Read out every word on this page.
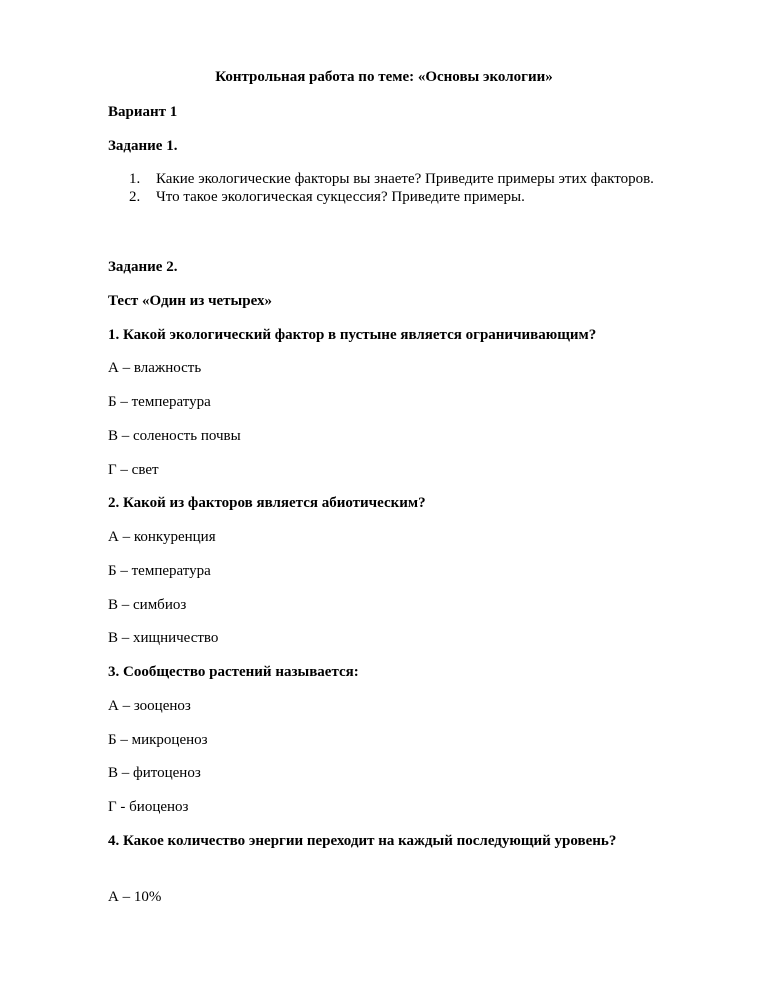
Контрольная работа по теме: «Основы экологии»
Вариант 1
Задание 1.
1. Какие экологические факторы вы знаете? Приведите примеры этих факторов.
2. Что такое экологическая сукцессия? Приведите примеры.
Задание 2.
Тест «Один из четырех»
1. Какой экологический фактор в пустыне является ограничивающим?
А – влажность
Б – температура
В – соленость почвы
Г – свет
2. Какой из факторов является абиотическим?
А – конкуренция
Б – температура
В – симбиоз
В – хищничество
3. Сообщество растений называется:
А – зооценоз
Б – микроценоз
В – фитоценоз
Г - биоценоз
4. Какое количество энергии переходит на каждый последующий уровень?
А – 10%
